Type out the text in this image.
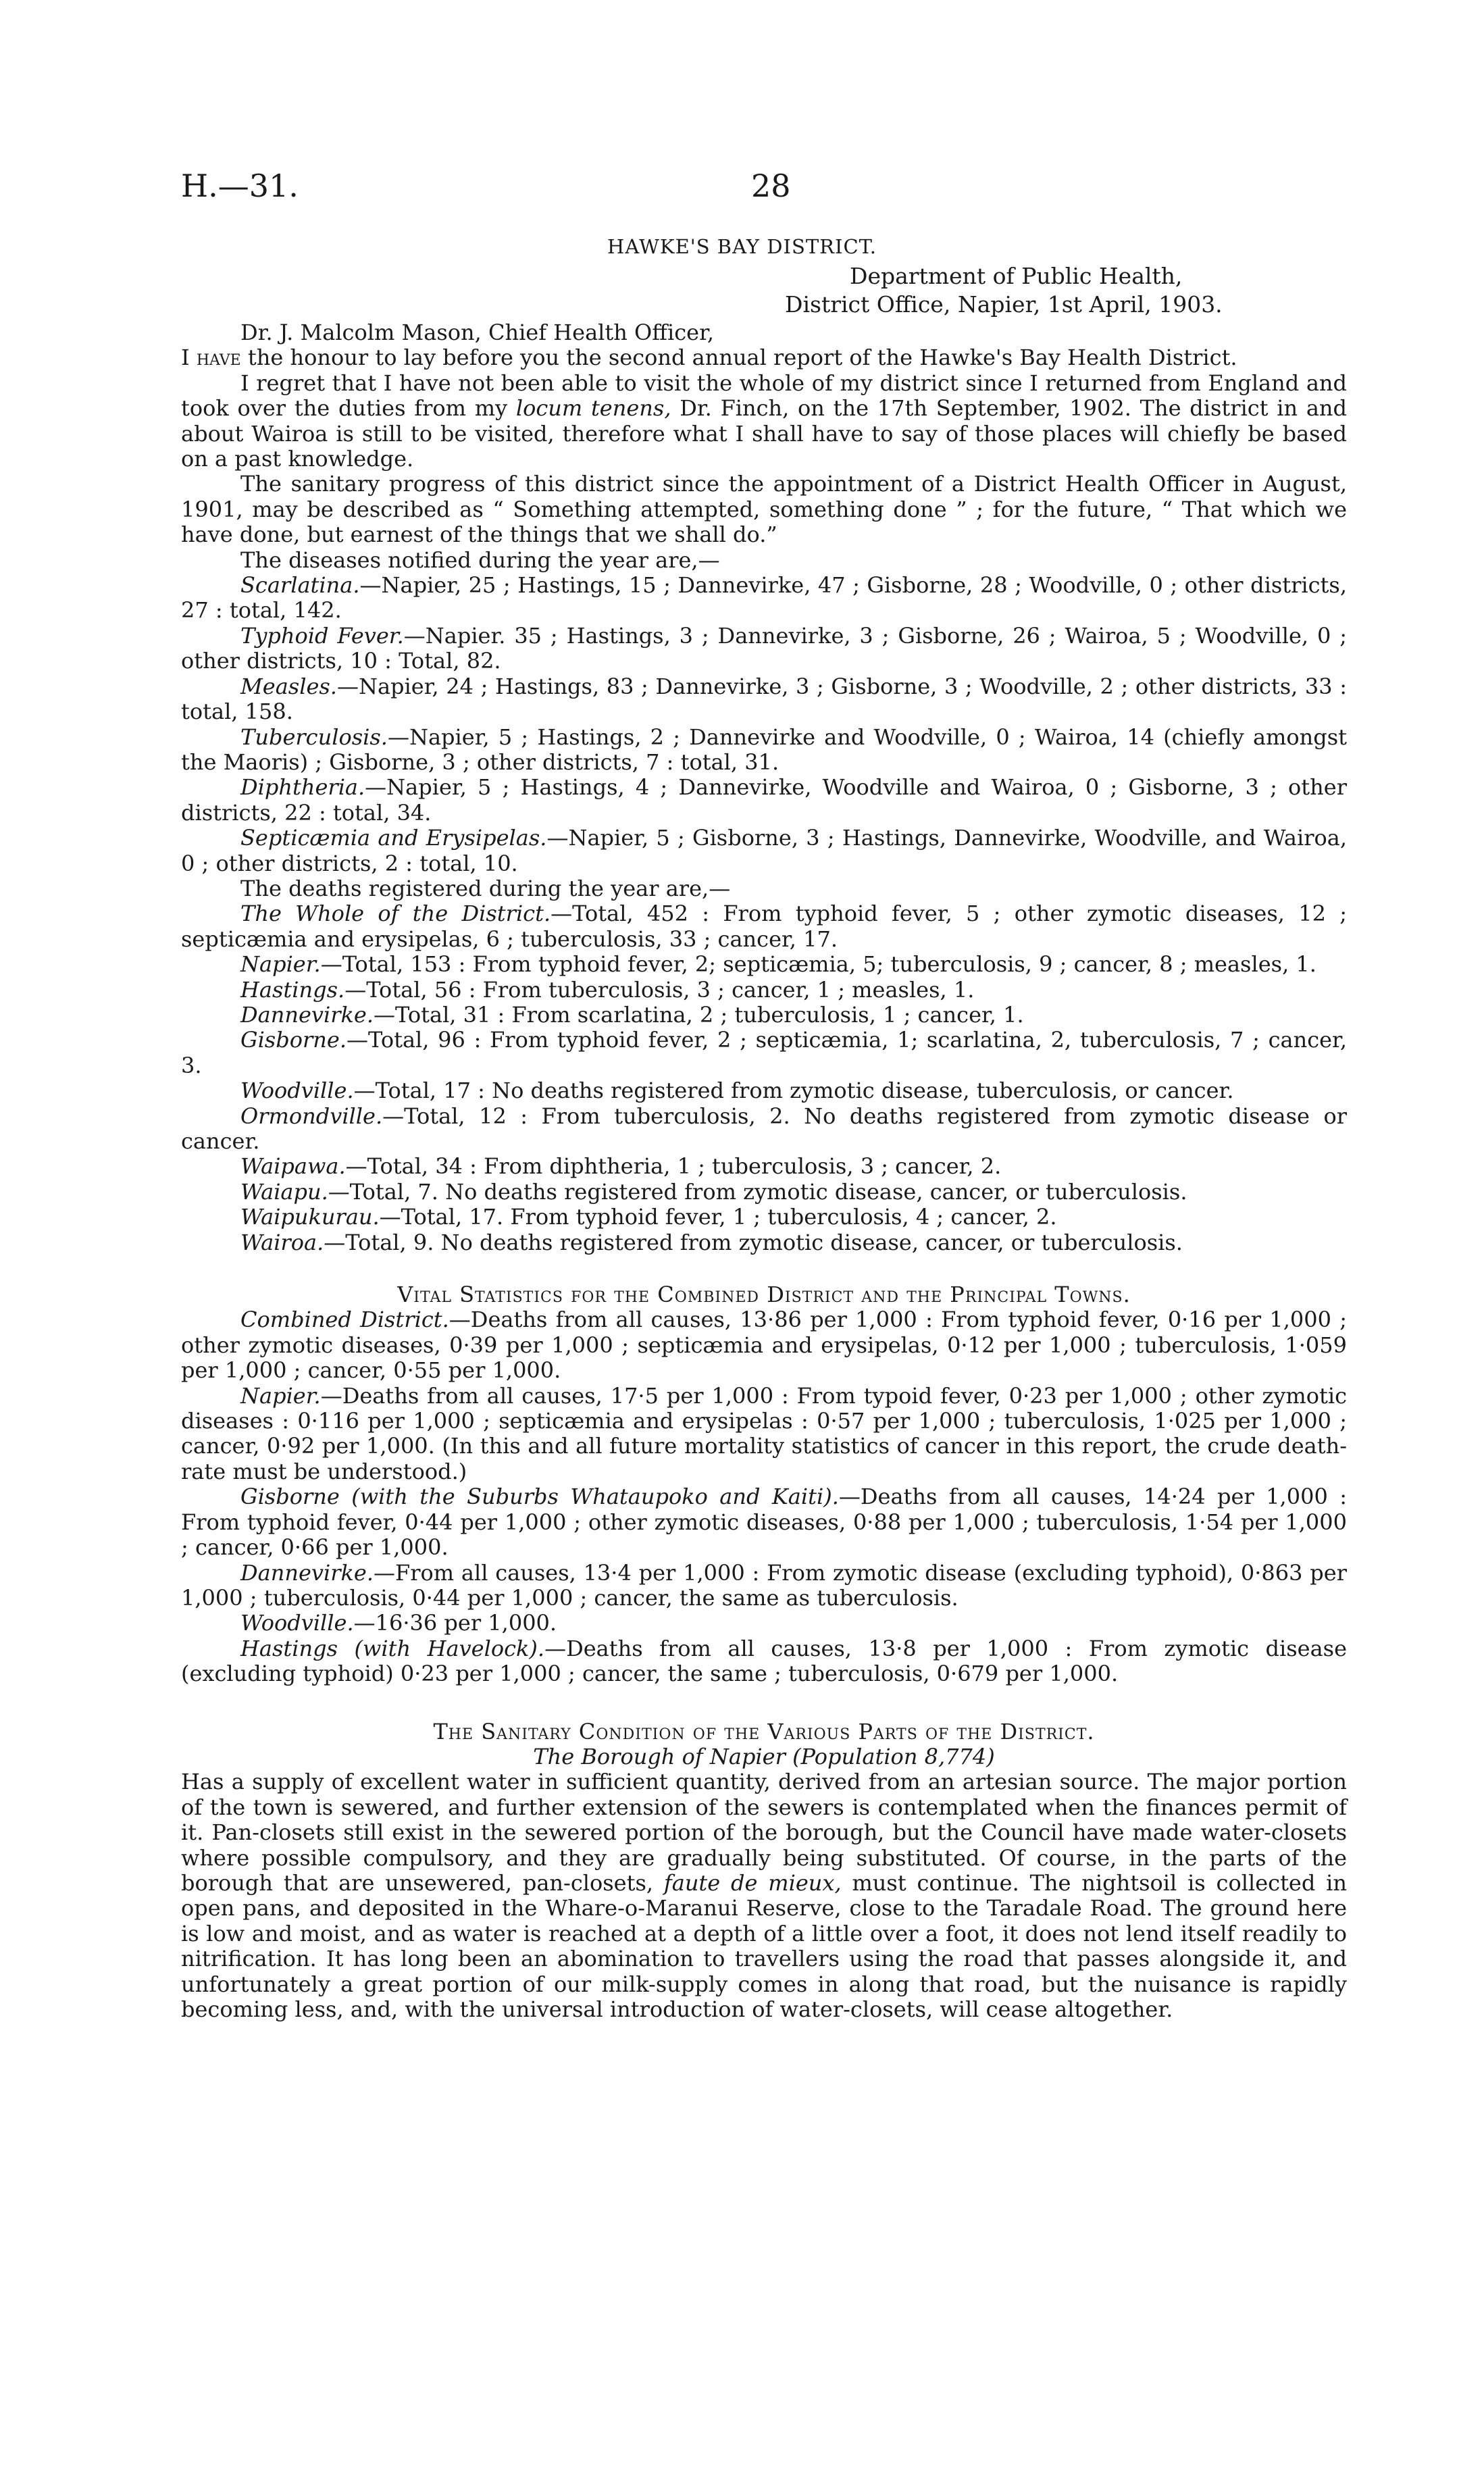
H.—31.	28
HAWKE'S BAY DISTRICT.
Department of Public Health,
District Office, Napier, 1st April, 1903.

Dr. J. Malcolm Mason, Chief Health Officer,

I have the honour to lay before you the second annual report of the Hawke's Bay Health District.

I regret that I have not been able to visit the whole of my district since I returned from England and took over the duties from my locum tenens, Dr. Finch, on the 17th September, 1902. The district in and about Wairoa is still to be visited, therefore what I shall have to say of those places will chiefly be based on a past knowledge.

The sanitary progress of this district since the appointment of a District Health Officer in August, 1901, may be described as “ Something attempted, something done ” ; for the future, “ That which we have done, but earnest of the things that we shall do.”

The diseases notified during the year are,—

Scarlatina.—Napier, 25 ; Hastings, 15 ; Dannevirke, 47 ; Gisborne, 28 ; Woodville, 0 ; other districts, 27 : total, 142.

Typhoid Fever.—Napier. 35 ; Hastings, 3 ; Dannevirke, 3 ; Gisborne, 26 ; Wairoa, 5 ; Woodville, 0 ; other districts, 10 : Total, 82.

Measles.—Napier, 24 ; Hastings, 83 ; Dannevirke, 3 ; Gisborne, 3 ; Woodville, 2 ; other districts, 33 : total, 158.

Tuberculosis.—Napier, 5 ; Hastings, 2 ; Dannevirke and Woodville, 0 ; Wairoa, 14 (chiefly amongst the Maoris) ; Gisborne, 3 ; other districts, 7 : total, 31.

Diphtheria.—Napier, 5 ; Hastings, 4 ; Dannevirke, Woodville and Wairoa, 0 ; Gisborne, 3 ; other districts, 22 : total, 34.

Septicæmia and Erysipelas.—Napier, 5 ; Gisborne, 3 ; Hastings, Dannevirke, Woodville, and Wairoa, 0 ; other districts, 2 : total, 10.

The deaths registered during the year are,—

The Whole of the District.—Total, 452 : From typhoid fever, 5 ; other zymotic diseases, 12 ; septicæmia and erysipelas, 6 ; tuberculosis, 33 ; cancer, 17.

Napier.—Total, 153 : From typhoid fever, 2; septicæmia, 5; tuberculosis, 9 ; cancer, 8 ; measles, 1.

Hastings.—Total, 56 : From tuberculosis, 3 ; cancer, 1 ; measles, 1.

Dannevirke.—Total, 31 : From scarlatina, 2 ; tuberculosis, 1 ; cancer, 1.

Gisborne.—Total, 96 : From typhoid fever, 2 ; septicæmia, 1; scarlatina, 2, tuberculosis, 7 ; cancer, 3.

Woodville.—Total, 17 : No deaths registered from zymotic disease, tuberculosis, or cancer.

Ormondville.—Total, 12 : From tuberculosis, 2. No deaths registered from zymotic disease or cancer.

Waipawa.—Total, 34 : From diphtheria, 1 ; tuberculosis, 3 ; cancer, 2.

Waiapu.—Total, 7. No deaths registered from zymotic disease, cancer, or tuberculosis.

Waipukurau.—Total, 17. From typhoid fever, 1 ; tuberculosis, 4 ; cancer, 2.

Wairoa.—Total, 9. No deaths registered from zymotic disease, cancer, or tuberculosis.

Vital Statistics for the Combined District and the Principal Towns.

Combined District.—Deaths from all causes, 13·86 per 1,000 : From typhoid fever, 0·16 per 1,000 ; other zymotic diseases, 0·39 per 1,000 ; septicæmia and erysipelas, 0·12 per 1,000 ; tuberculosis, 1·059 per 1,000 ; cancer, 0·55 per 1,000.

Napier.—Deaths from all causes, 17·5 per 1,000 : From typoid fever, 0·23 per 1,000 ; other zymotic diseases : 0·116 per 1,000 ; septicæmia and erysipelas : 0·57 per 1,000 ; tuberculosis, 1·025 per 1,000 ; cancer, 0·92 per 1,000. (In this and all future mortality statistics of cancer in this report, the crude death-rate must be understood.)

Gisborne (with the Suburbs Whataupoko and Kaiti).—Deaths from all causes, 14·24 per 1,000 : From typhoid fever, 0·44 per 1,000 ; other zymotic diseases, 0·88 per 1,000 ; tuberculosis, 1·54 per 1,000 ; cancer, 0·66 per 1,000.

Dannevirke.—From all causes, 13·4 per 1,000 : From zymotic disease (excluding typhoid), 0·863 per 1,000 ; tuberculosis, 0·44 per 1,000 ; cancer, the same as tuberculosis.

Woodville.—16·36 per 1,000.

Hastings (with Havelock).—Deaths from all causes, 13·8 per 1,000 : From zymotic disease (excluding typhoid) 0·23 per 1,000 ; cancer, the same ; tuberculosis, 0·679 per 1,000.

The Sanitary Condition of the Various Parts of the District.

The Borough of Napier (Population 8,774)

Has a supply of excellent water in sufficient quantity, derived from an artesian source. The major portion of the town is sewered, and further extension of the sewers is contemplated when the finances permit of it. Pan-closets still exist in the sewered portion of the borough, but the Council have made water-closets where possible compulsory, and they are gradually being substituted. Of course, in the parts of the borough that are unsewered, pan-closets, faute de mieux, must continue. The nightsoil is collected in open pans, and deposited in the Whare-o-Maranui Reserve, close to the Taradale Road. The ground here is low and moist, and as water is reached at a depth of a little over a foot, it does not lend itself readily to nitrification. It has long been an abomination to travellers using the road that passes alongside it, and unfortunately a great portion of our milk-supply comes in along that road, but the nuisance is rapidly becoming less, and, with the universal introduction of water-closets, will cease altogether.
